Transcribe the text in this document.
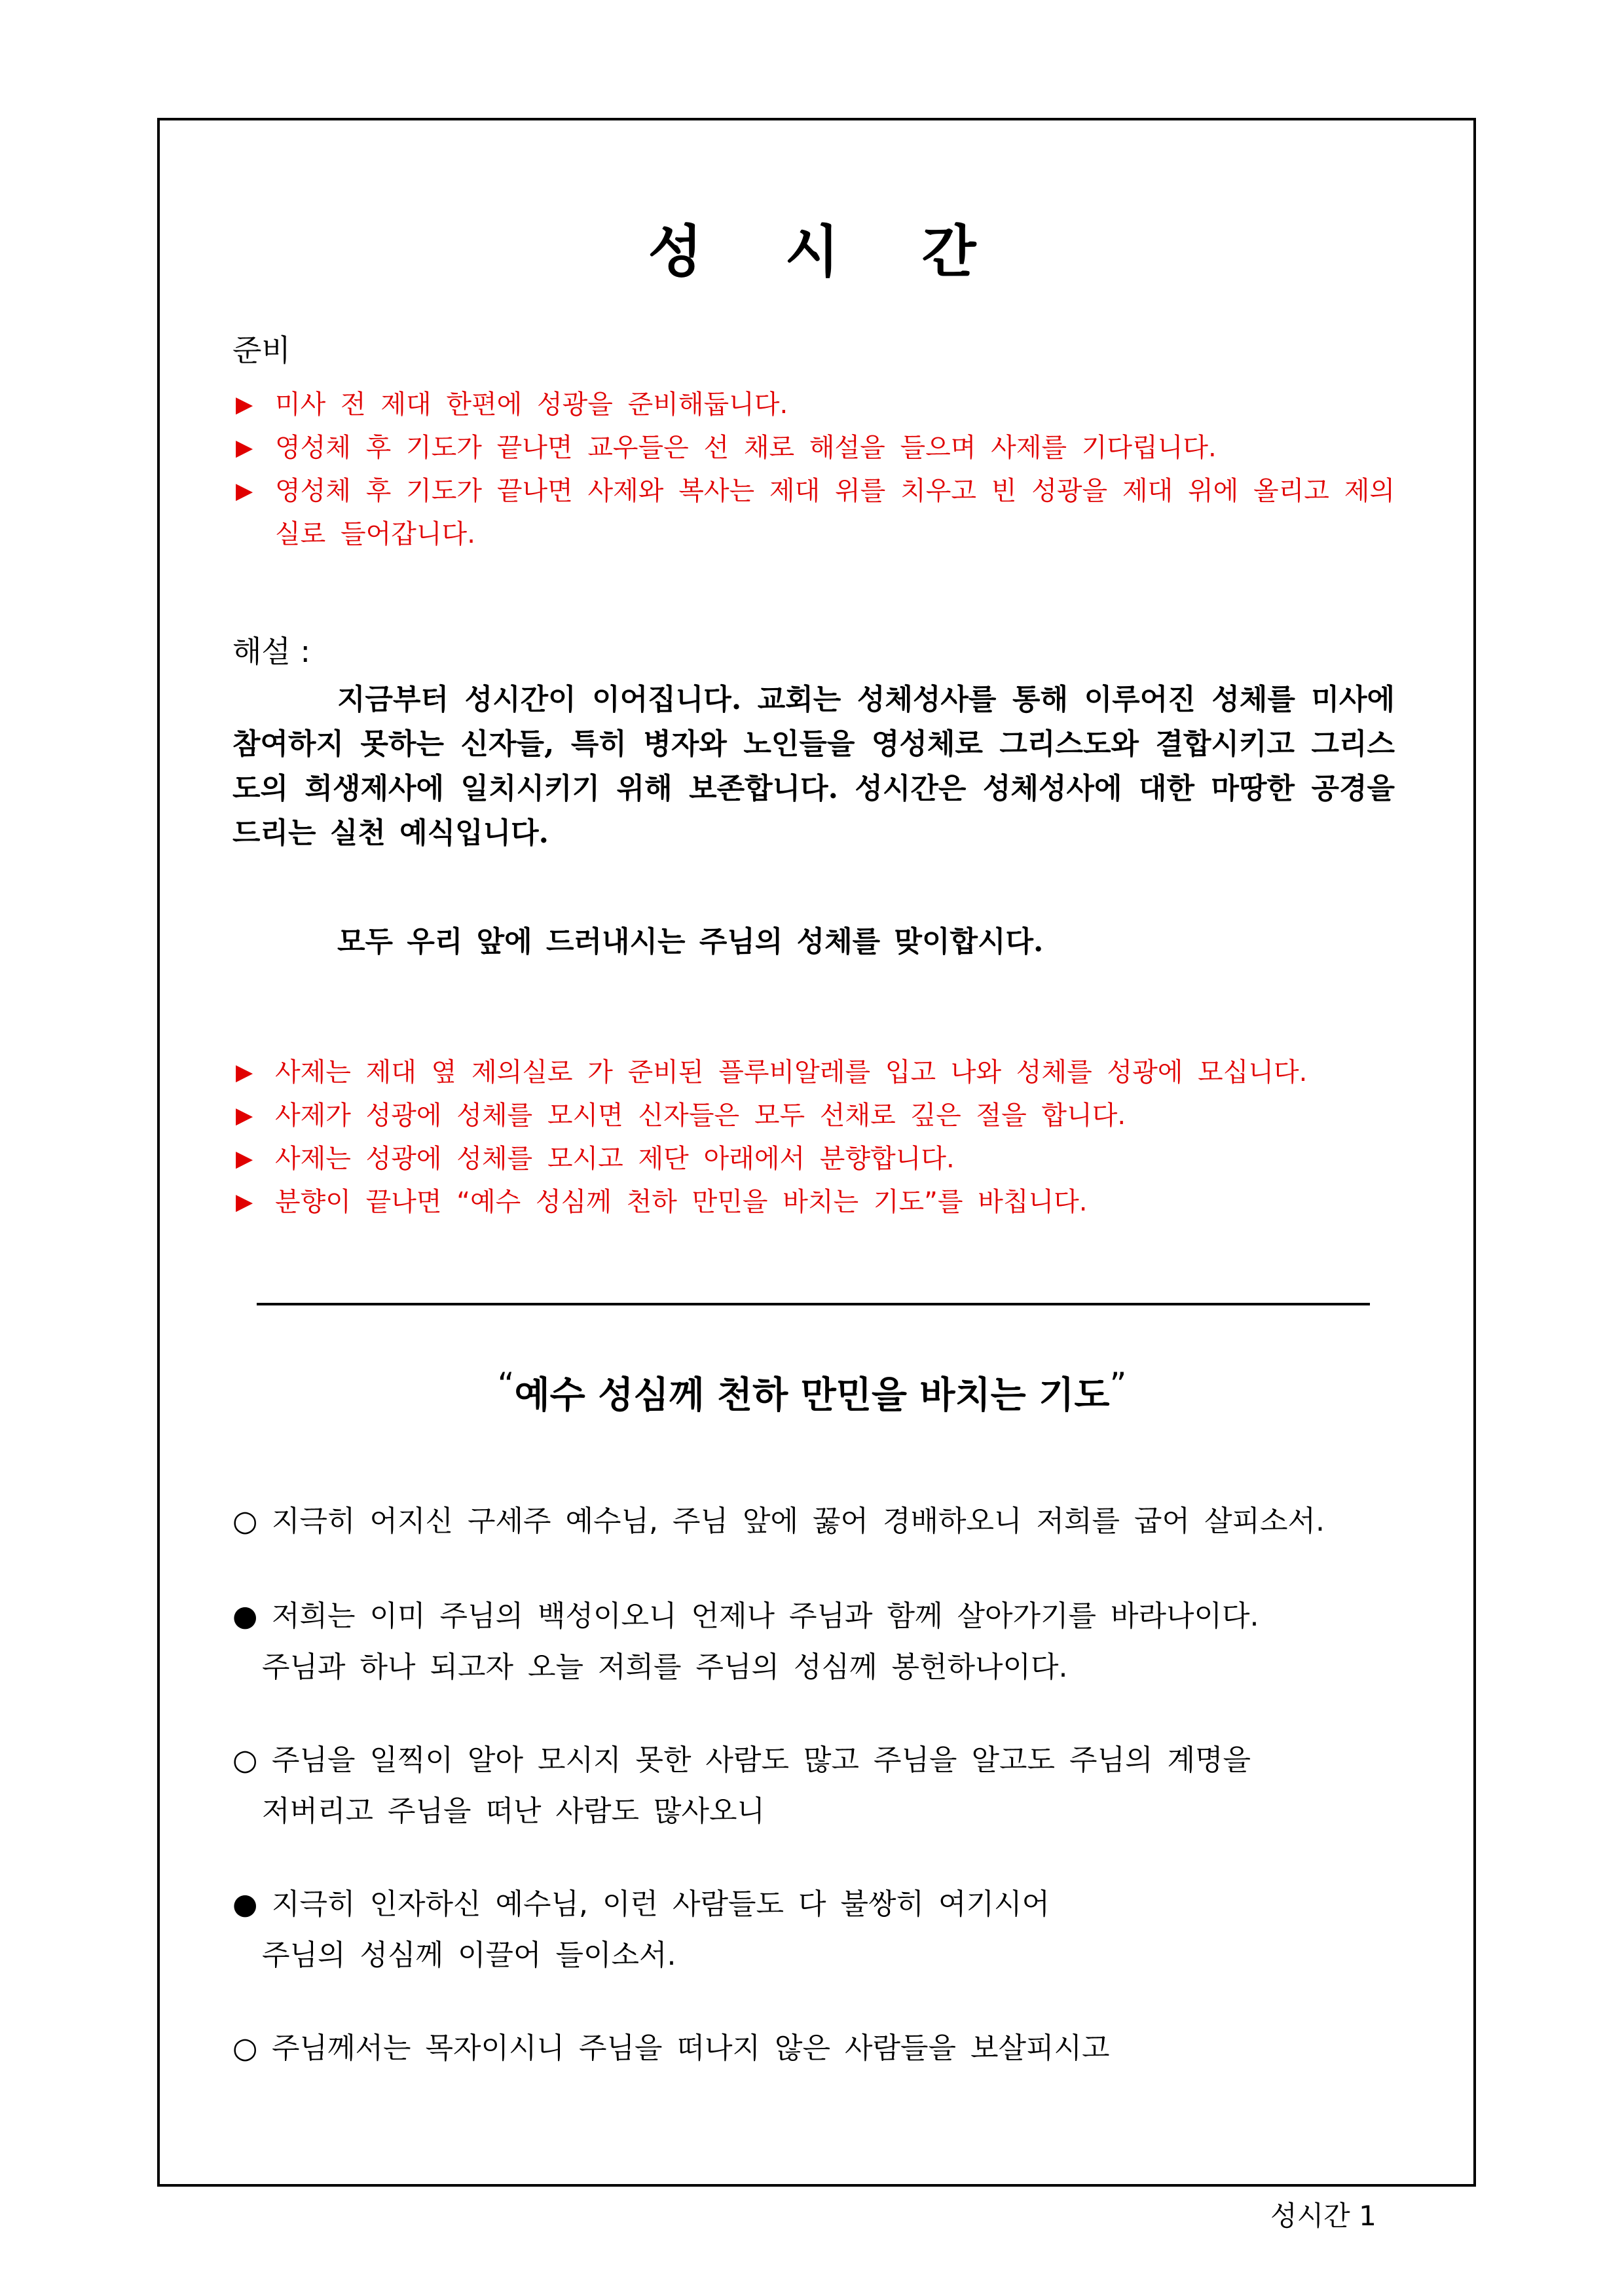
성 시 간
준비
▶ 미사 전 제대 한편에 성광을 준비해둡니다.
▶ 영성체 후 기도가 끝나면 교우들은 선 채로 해설을 들으며 사제를 기다립니다.
▶ 영성체 후 기도가 끝나면 사제와 복사는 제대 위를 치우고 빈 성광을 제대 위에 올리고 제의실로 들어갑니다.
해설 :
지금부터 성시간이 이어집니다. 교회는 성체성사를 통해 이루어진 성체를 미사에 참여하지 못하는 신자들, 특히 병자와 노인들을 영성체로 그리스도와 결합시키고 그리스도의 희생제사에 일치시키기 위해 보존합니다. 성시간은 성체성사에 대한 마땅한 공경을 드리는 실천 예식입니다.
모두 우리 앞에 드러내시는 주님의 성체를 맞이합시다.
▶ 사제는 제대 옆 제의실로 가 준비된 플루비알레를 입고 나와 성체를 성광에 모십니다.
▶ 사제가 성광에 성체를 모시면 신자들은 모두 선채로 깊은 절을 합니다.
▶ 사제는 성광에 성체를 모시고 제단 아래에서 분향합니다.
▶ 분향이 끝나면 “예수 성심께 천하 만민을 바치는 기도”를 바칩니다.
“예수 성심께 천하 만민을 바치는 기도”
○ 지극히 어지신 구세주 예수님, 주님 앞에 꿇어 경배하오니 저희를 굽어 살피소서.
● 저희는 이미 주님의 백성이오니 언제나 주님과 함께 살아가기를 바라나이다.
주님과 하나 되고자 오늘 저희를 주님의 성심께 봉헌하나이다.
○ 주님을 일찍이 알아 모시지 못한 사람도 많고 주님을 알고도 주님의 계명을
저버리고 주님을 떠난 사람도 많사오니
● 지극히 인자하신 예수님, 이런 사람들도 다 불쌍히 여기시어
주님의 성심께 이끌어 들이소서.
○ 주님께서는 목자이시니 주님을 떠나지 않은 사람들을 보살피시고
성시간 1
